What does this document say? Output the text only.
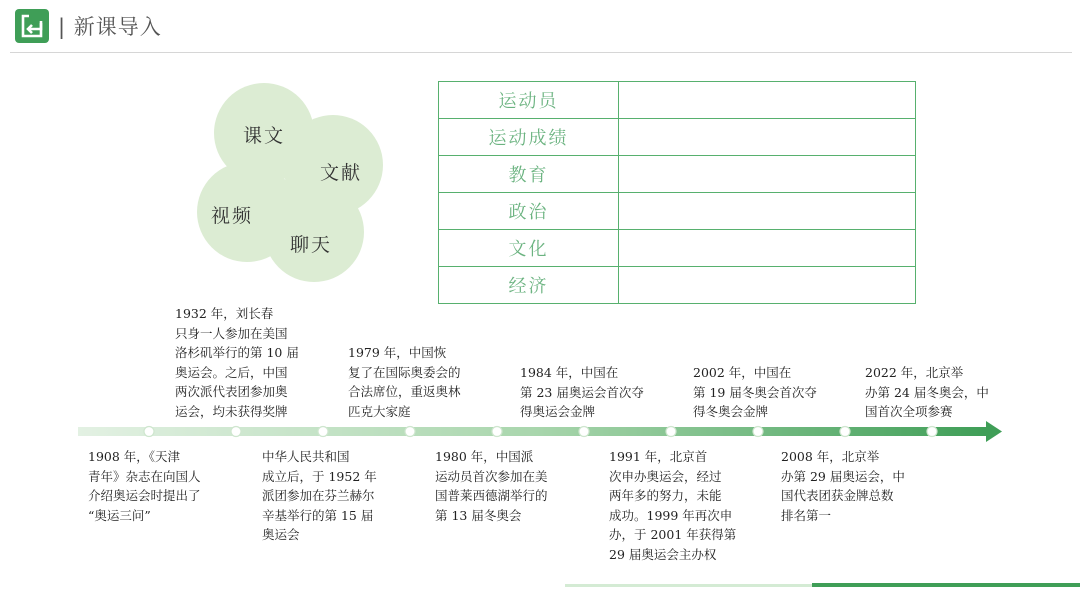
| 新课导入
课文
文献
视频
聊天
运动员
运动成绩
教育
政治
文化
经济
1932 年，刘长春
只身一人参加在美国
洛杉矶举行的第 10 届
奥运会。之后，中国
两次派代表团参加奥
运会，均未获得奖牌
1979 年，中国恢
复了在国际奥委会的
合法席位，重返奥林
匹克大家庭
1984 年，中国在
第 23 届奥运会首次夺
得奥运会金牌
2002 年，中国在
第 19 届冬奥会首次夺
得冬奥会金牌
2022 年，北京举
办第 24 届冬奥会，中
国首次全项参赛
1908 年，《天津
青年》杂志在向国人
介绍奥运会时提出了
“奥运三问”
中华人民共和国
成立后，于 1952 年
派团参加在芬兰赫尔
辛基举行的第 15 届
奥运会
1980 年，中国派
运动员首次参加在美
国普莱西德湖举行的
第 13 届冬奥会
1991 年，北京首
次申办奥运会，经过
两年多的努力，未能
成功。1999 年再次申
办，于 2001 年获得第
29 届奥运会主办权
2008 年，北京举
办第 29 届奥运会，中
国代表团获金牌总数
排名第一
